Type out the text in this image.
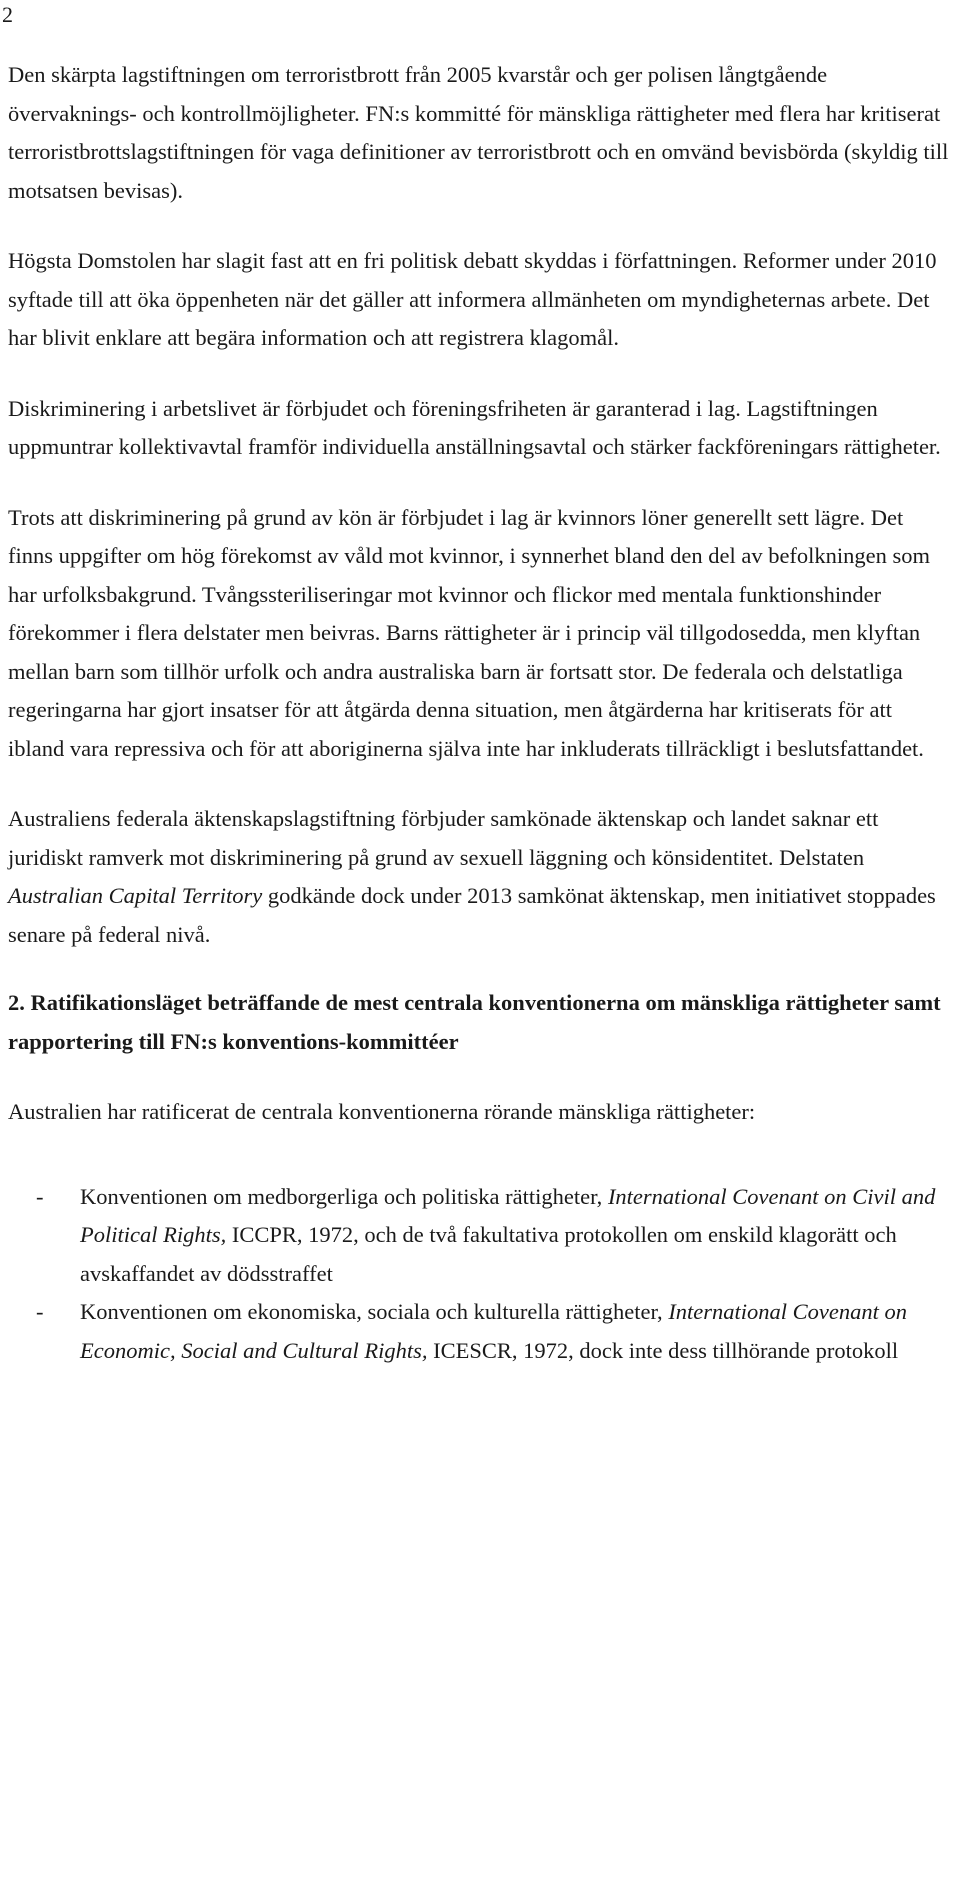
2

Den skärpta lagstiftningen om terroristbrott från 2005 kvarstår och ger polisen långtgående övervaknings- och kontrollmöjligheter. FN:s kommitté för mänskliga rättigheter med flera har kritiserat terroristbrottslagstiftningen för vaga definitioner av terroristbrott och en omvänd bevisbörda (skyldig till motsatsen bevisas).

Högsta Domstolen har slagit fast att en fri politisk debatt skyddas i författningen. Reformer under 2010 syftade till att öka öppenheten när det gäller att informera allmänheten om myndigheternas arbete. Det har blivit enklare att begära information och att registrera klagomål.

Diskriminering i arbetslivet är förbjudet och föreningsfriheten är garanterad i lag. Lagstiftningen uppmuntrar kollektivavtal framför individuella anställningsavtal och stärker fackföreningars rättigheter.

Trots att diskriminering på grund av kön är förbjudet i lag är kvinnors löner generellt sett lägre. Det finns uppgifter om hög förekomst av våld mot kvinnor, i synnerhet bland den del av befolkningen som har urfolksbakgrund. Tvångssteriliseringar mot kvinnor och flickor med mentala funktionshinder förekommer i flera delstater men beivras. Barns rättigheter är i princip väl tillgodosedda, men klyftan mellan barn som tillhör urfolk och andra australiska barn är fortsatt stor. De federala och delstatliga regeringarna har gjort insatser för att åtgärda denna situation, men åtgärderna har kritiserats för att ibland vara repressiva och för att aboriginerna själva inte har inkluderats tillräckligt i beslutsfattandet.

Australiens federala äktenskapslagstiftning förbjuder samkönade äktenskap och landet saknar ett juridiskt ramverk mot diskriminering på grund av sexuell läggning och könsidentitet. Delstaten Australian Capital Territory godkände dock under 2013 samkönat äktenskap, men initiativet stoppades senare på federal nivå.

2. Ratifikationsläget beträffande de mest centrala konventionerna om mänskliga rättigheter samt rapportering till FN:s konventions-kommittéer

Australien har ratificerat de centrala konventionerna rörande mänskliga rättigheter:

- Konventionen om medborgerliga och politiska rättigheter, International Covenant on Civil and Political Rights, ICCPR, 1972, och de två fakultativa protokollen om enskild klagorätt och avskaffandet av dödsstraffet
- Konventionen om ekonomiska, sociala och kulturella rättigheter, International Covenant on Economic, Social and Cultural Rights, ICESCR, 1972, dock inte dess tillhörande protokoll
